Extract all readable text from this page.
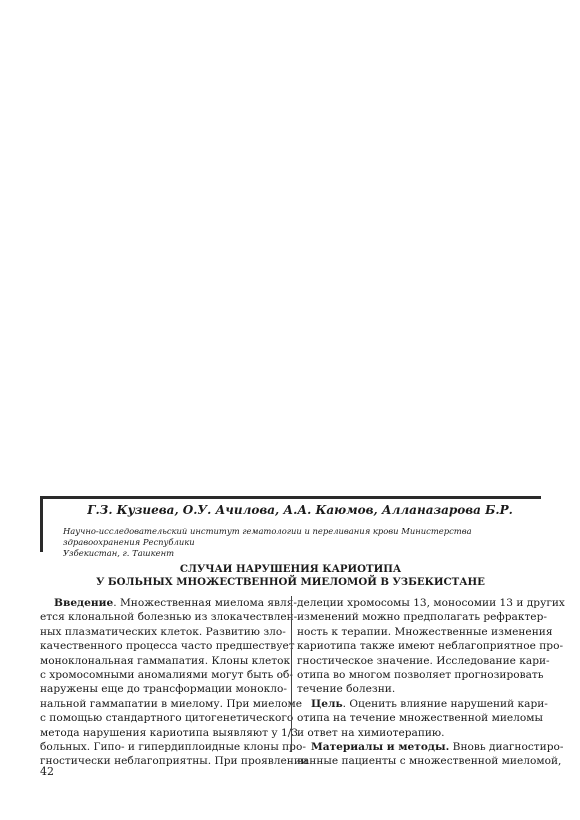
Г.З. Кузиева, О.У. Ачилова, А.А. Каюмов, Алланазарова Б.Р.
Научно-исследовательский институт гематологии и переливания крови Министерства здравоохранения Республики
Узбекистан, г. Ташкент
СЛУЧАИ НАРУШЕНИЯ КАРИОТИПА
У БОЛЬНЫХ МНОЖЕСТВЕННОЙ МИЕЛОМОЙ В УЗБЕКИСТАНЕ
Введение. Множественная миелома явля-
ется клональной болезнью из злокачествлен-
ных плазматических клеток. Развитию зло-
качественного процесса часто предшествует
моноклональная гаммапатия. Клоны клеток
с хромосомными аномалиями могут быть об-
наружены еще до трансформации моноклo-
нальной гаммапатии в миелому. При миеломе
с помощью стандартного цитогенетического
метода нарушения кариотипа выявляют у 1/3
больных. Гипо- и гипердиплоидные клоны про-
гностически неблагоприятны. При проявлении
делеции хромосомы 13, моносомии 13 и других
изменений можно предполагать рефрактер-
ность к терапии. Множественные изменения
кариотипа также имеют неблагоприятное про-
гностическое значение. Исследование кари-
отипа во многом позволяет прогнозировать
течение болезни.
Цель. Оценить влияние нарушений кари-
отипа на течение множественной миеломы
и ответ на химиотерапию.
Материалы и методы. Вновь диагностиро-
ванные пациенты с множественной миеломой,
42
